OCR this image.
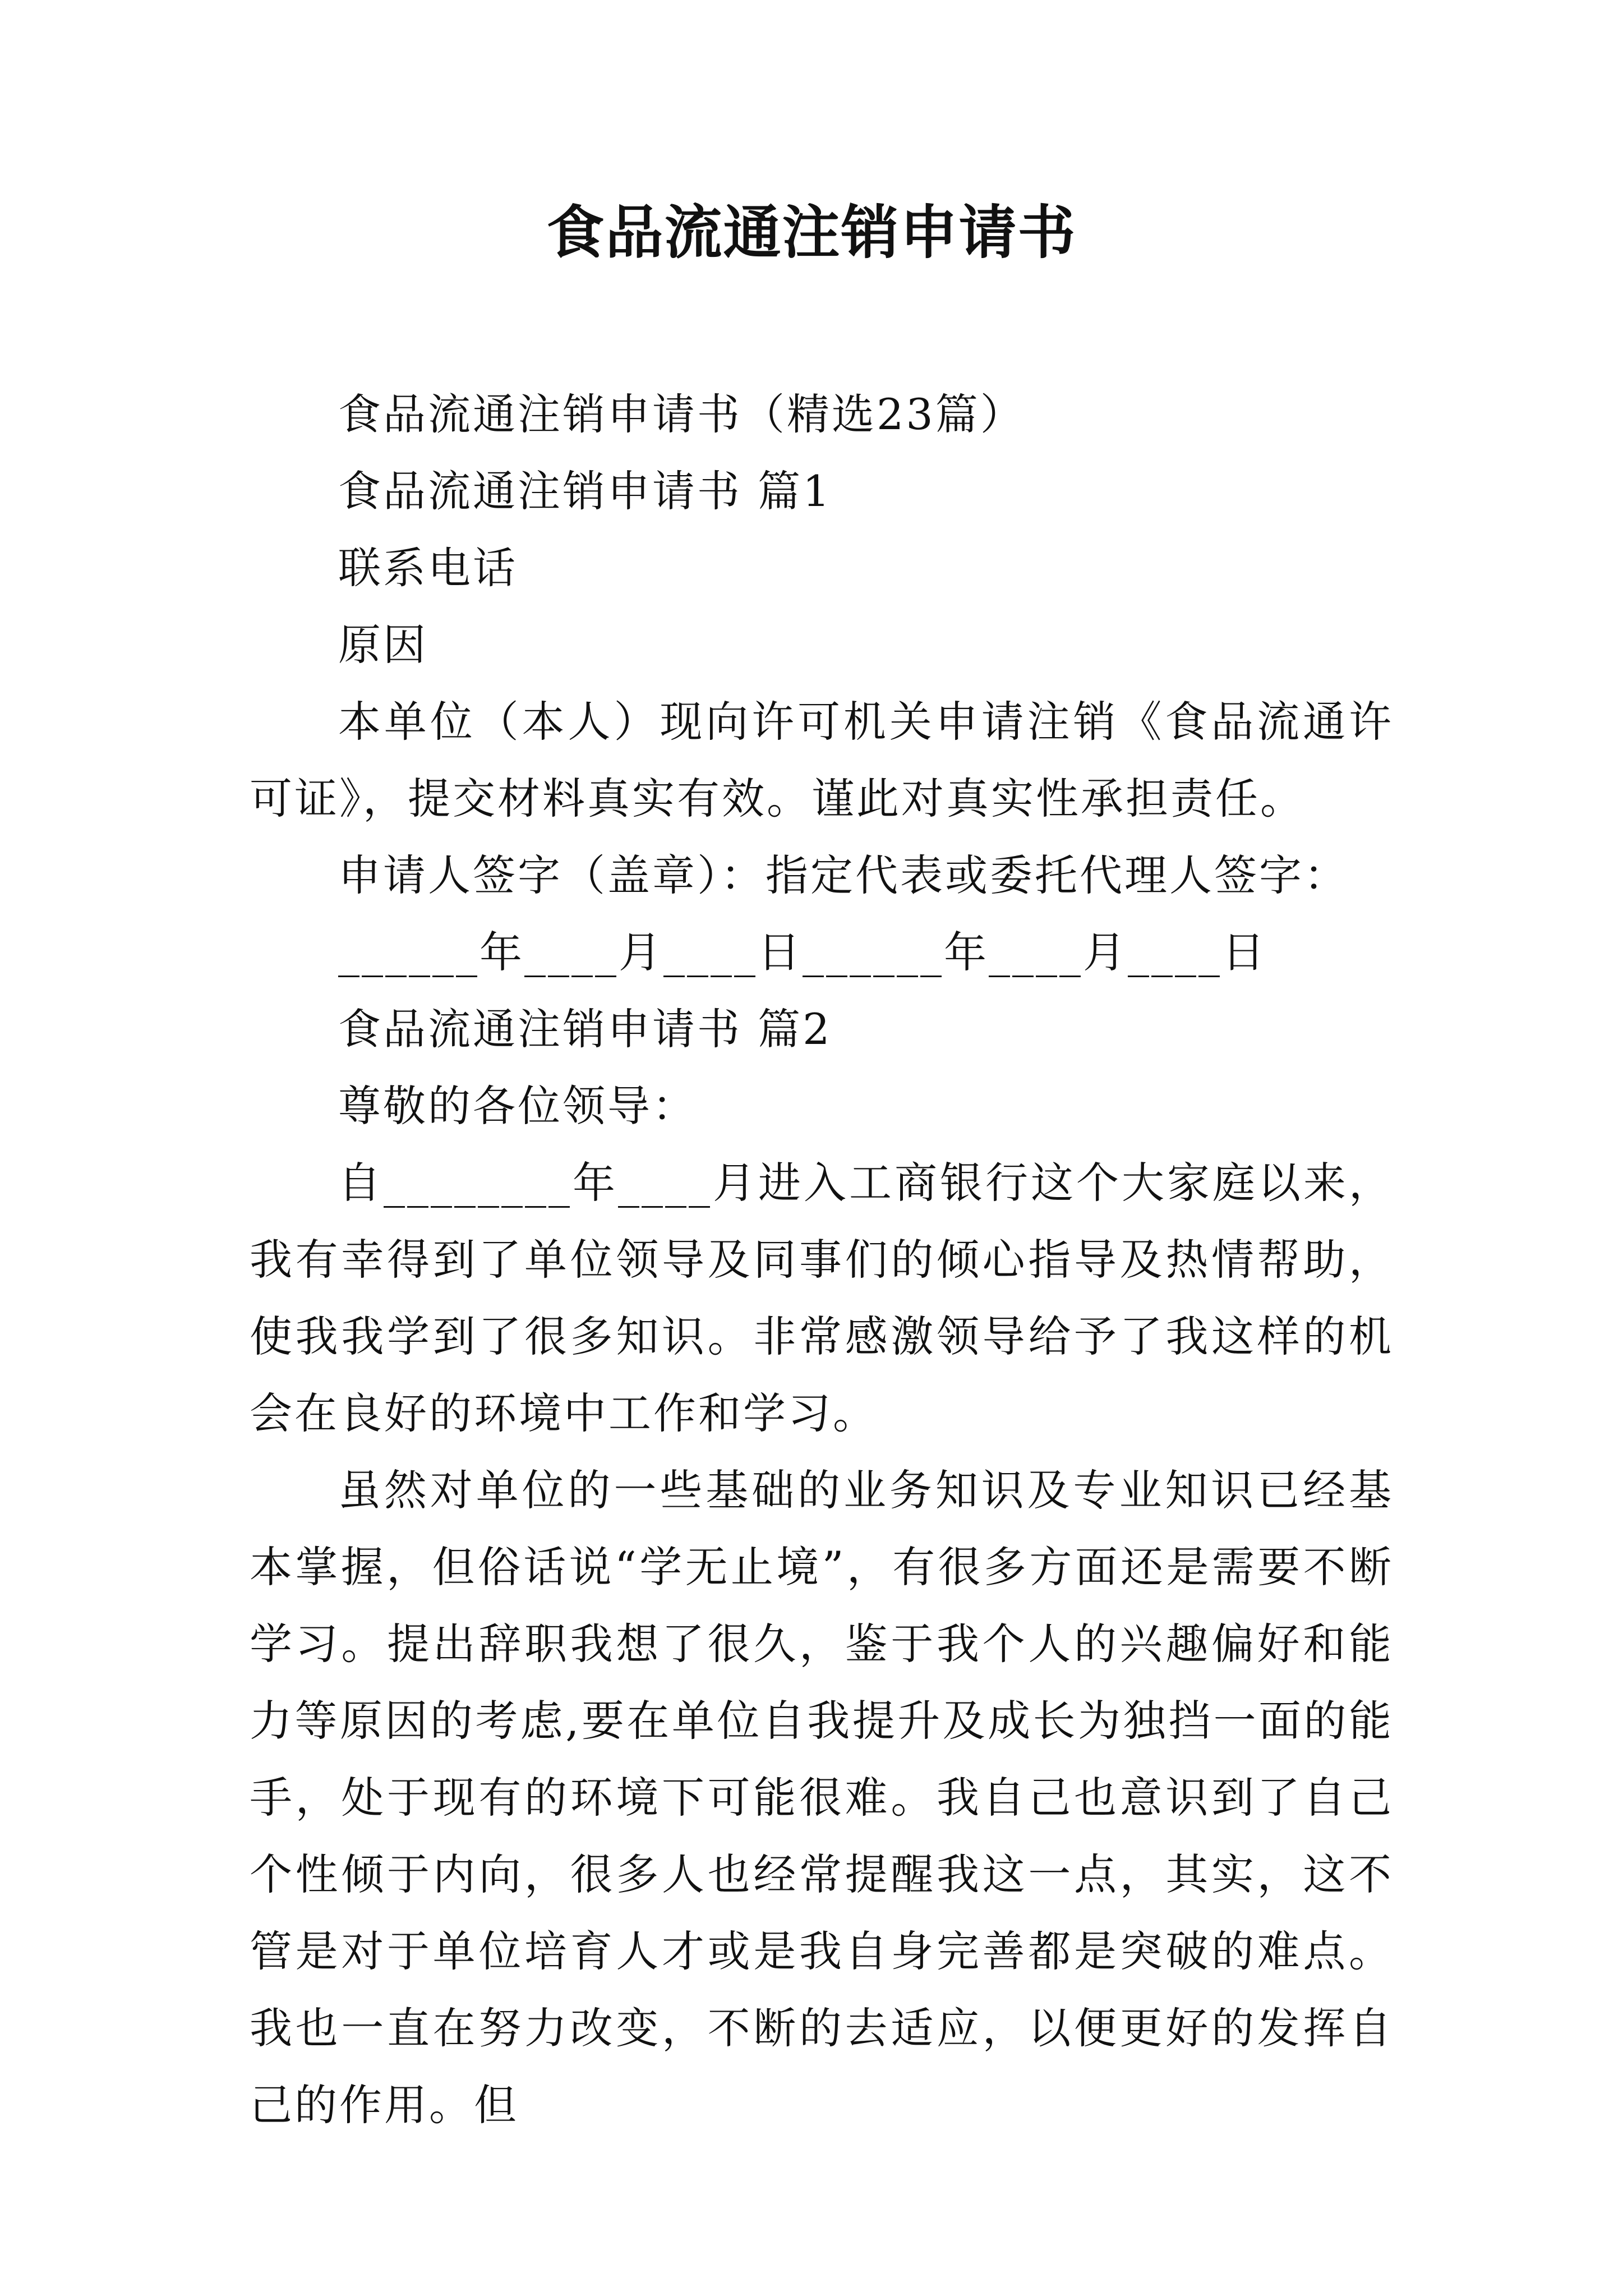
食品流通注销申请书

食品流通注销申请书（精选23篇）

食品流通注销申请书 篇1

联系电话

原因

本单位（本人）现向许可机关申请注销《食品流通许可证》，提交材料真实有效。谨此对真实性承担责任。

申请人签字（盖章）：指定代表或委托代理人签字：

______年____月____日______年____月____日

食品流通注销申请书 篇2

尊敬的各位领导：

自________年____月进入工商银行这个大家庭以来，我有幸得到了单位领导及同事们的倾心指导及热情帮助，使我我学到了很多知识。非常感激领导给予了我这样的机会在良好的环境中工作和学习。

虽然对单位的一些基础的业务知识及专业知识已经基本掌握，但俗话说“学无止境”，有很多方面还是需要不断学习。提出辞职我想了很久，鉴于我个人的兴趣偏好和能力等原因的考虑,要在单位自我提升及成长为独挡一面的能手，处于现有的环境下可能很难。我自己也意识到了自己个性倾于内向，很多人也经常提醒我这一点，其实，这不管是对于单位培育人才或是我自身完善都是突破的难点。我也一直在努力改变，不断的去适应，以便更好的发挥自己的作用。但
